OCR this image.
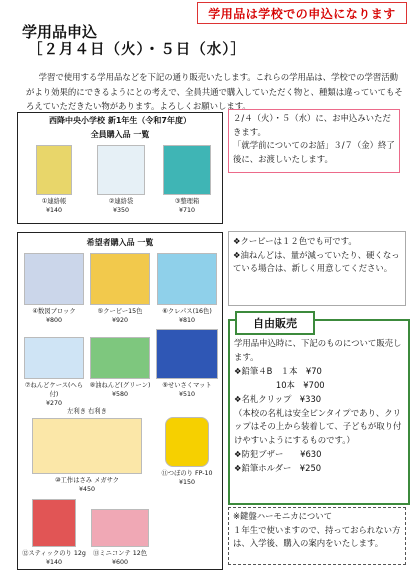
学用品は学校での申込になります
学用品申込
［２月４日（火）・５日（水）］
学習で使用する学用品などを下記の通り販売いたします。これらの学用品は、学校での学習活動がより効果的にできるようにとの考えで、全員共通で購入していただく物と、種類は違っていてもそろえていただきたい物があります。よろしくお願いします。
西降中央小学校 新1年生（令和7年度）
全員購入品 一覧
①連絡帳
¥140
②連絡袋
¥350
③整理箱
¥710
希望者購入品 一覧
④数図ブロック
¥800
⑤クーピー15色
¥920
⑥クレパス(16色)
¥810
⑦ねんどケース(へら付)
¥270
⑧油ねんど(グリーン)
¥580
⑨せいさくマット
¥510
左利き 右利き
⑩工作はさみ メガサク
¥450
⑪つぼのり FP-10
¥150
⑫スティックのり 12g
¥140
⑬ミニコンテ 12色
¥600
２/４（火）・５（水）に、お申込みいただきます。
「就学前についてのお話」３/７（金）終了後に、お渡しいたします。
❖クーピーは１２色でも可です。
❖油ねんどは、量が減っていたり、硬くなっている場合は、新しく用意してください。
自由販売
学用品申込時に、下記のものについて販売します。
❖鉛筆４B　１本　¥70
　　　　　10本　¥700
❖名札クリップ　¥330
（本校の名札は安全ピンタイプであり、クリップはその上から装着して、子どもが取り付けやすいようにするものです。）
❖防犯ブザー　　¥630
❖鉛筆ホルダー　¥250
※鍵盤ハーモニカについて
１年生で使いますので、持っておられない方は、入学後、購入の案内をいたします。
